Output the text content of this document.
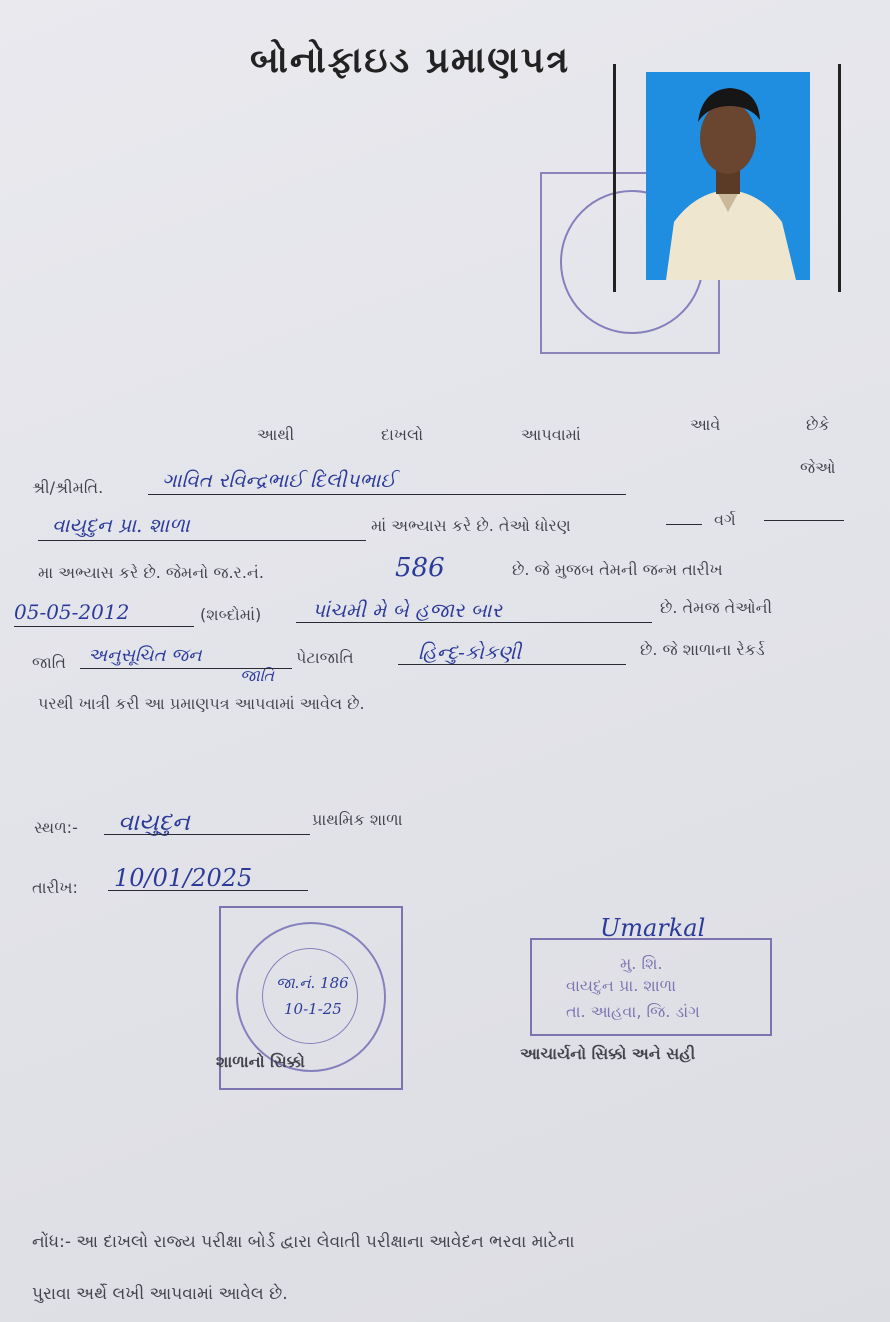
બોનોફાઇડ પ્રમાણપત્ર
આથી	દાખલો	આપવામાં
આવે	છેકે
જેઓ
શ્રી/શ્રીમતિ.	ગાવિત રવિન્દ્રભાઈ દિલીપભાઈ
વાયુદુન પ્રા. શાળા	માં અભ્યાસ કરે છે. તેઓ ધોરણ	વર્ગ
મા અભ્યાસ કરે છે. જેમનો જ.ર.નં.	586	છે. જે મુજબ તેમની જન્મ તારીખ
05-05-2012	(શબ્દોમાં)	પાંચમી મે બે હજાર બાર	છે. તેમજ તેઓની
જાતિ અનુસૂચિત જન
જાતિ
પેટાજાતિ	હિન્દુ-કોકણી	છે. જે શાળાના રેકર્ડ
પરથી ખાત્રી કરી આ પ્રમાણપત્ર આપવામાં આવેલ છે.
સ્થળ:- વાયુદુન	પ્રાથમિક શાળા
તારીખ: 10/01/2025
જા.નં. 186
10-1-25
શાળાનો સિક્કો
Umarkal
મુ. શિ.
વાયદુન પ્રા. શાળા
તા. આહવા, જિ. ડાંગ
આચાર્યનો સિક્કો અને સહી
નોંધ:- આ દાખલો રાજ્ય પરીક્ષા બોર્ડ દ્વારા લેવાતી પરીક્ષાના આવેદન ભરવા માટેના
પુરાવા અર્થે લખી આપવામાં આવેલ છે.
